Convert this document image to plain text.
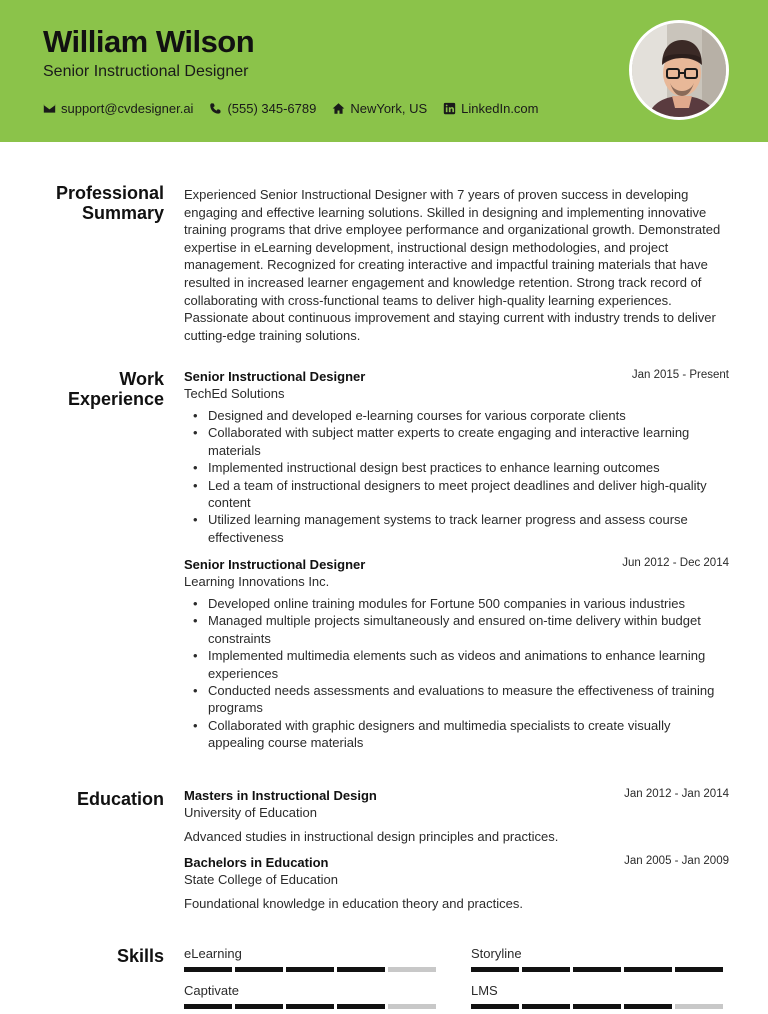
William Wilson
Senior Instructional Designer
support@cvdesigner.ai	(555) 345-6789	NewYork, US	LinkedIn.com
Professional
Summary

Experienced Senior Instructional Designer with 7 years of proven success in developing engaging and effective learning solutions. Skilled in designing and implementing innovative training programs that drive employee performance and organizational growth. Demonstrated expertise in eLearning development, instructional design methodologies, and project management. Recognized for creating interactive and impactful training materials that have resulted in increased learner engagement and knowledge retention. Strong track record of collaborating with cross-functional teams to deliver high-quality learning experiences. Passionate about continuous improvement and staying current with industry trends to deliver cutting-edge training solutions.

Work
Experience
Jan 2015 - Present
Senior Instructional Designer
TechEd Solutions
• Designed and developed e-learning courses for various corporate clients
• Collaborated with subject matter experts to create engaging and interactive learning materials
• Implemented instructional design best practices to enhance learning outcomes
• Led a team of instructional designers to meet project deadlines and deliver high-quality content
• Utilized learning management systems to track learner progress and assess course effectiveness
Jun 2012 - Dec 2014
Senior Instructional Designer
Learning Innovations Inc.
• Developed online training modules for Fortune 500 companies in various industries
• Managed multiple projects simultaneously and ensured on-time delivery within budget constraints
• Implemented multimedia elements such as videos and animations to enhance learning experiences
• Conducted needs assessments and evaluations to measure the effectiveness of training programs
• Collaborated with graphic designers and multimedia specialists to create visually appealing course materials
Education	Jan 2012 - Jan 2014
Masters in Instructional Design
University of Education

Advanced studies in instructional design principles and practices.

Jan 2005 - Jan 2009
Bachelors in Education
State College of Education

Foundational knowledge in education theory and practices.

Skills eLearning	Storyline
Captivate	LMS
